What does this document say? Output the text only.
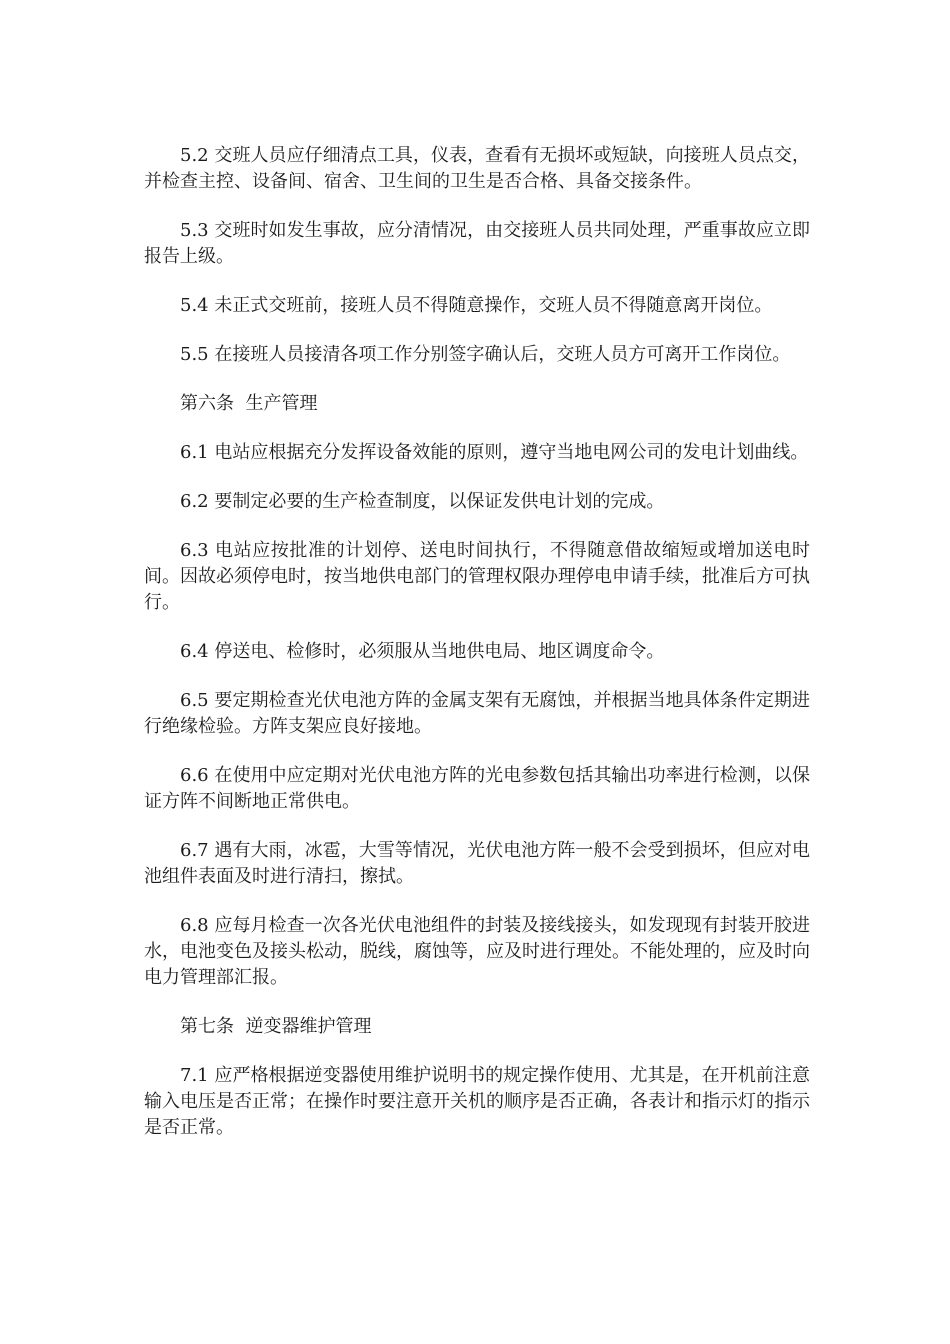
5.2 交班人员应仔细清点工具，仪表，查看有无损坏或短缺，向接班人员点交，并检查主控、设备间、宿舍、卫生间的卫生是否合格、具备交接条件。

5.3 交班时如发生事故，应分清情况，由交接班人员共同处理，严重事故应立即报告上级。

5.4 未正式交班前，接班人员不得随意操作，交班人员不得随意离开岗位。

5.5 在接班人员接清各项工作分别签字确认后，交班人员方可离开工作岗位。

第六条  生产管理

6.1 电站应根据充分发挥设备效能的原则，遵守当地电网公司的发电计划曲线。

6.2 要制定必要的生产检查制度，以保证发供电计划的完成。

6.3 电站应按批准的计划停、送电时间执行，不得随意借故缩短或增加送电时间。因故必须停电时，按当地供电部门的管理权限办理停电申请手续，批准后方可执行。

6.4 停送电、检修时，必须服从当地供电局、地区调度命令。

6.5 要定期检查光伏电池方阵的金属支架有无腐蚀，并根据当地具体条件定期进行绝缘检验。方阵支架应良好接地。

6.6 在使用中应定期对光伏电池方阵的光电参数包括其输出功率进行检测，以保证方阵不间断地正常供电。

6.7 遇有大雨，冰雹，大雪等情况，光伏电池方阵一般不会受到损坏，但应对电池组件表面及时进行清扫，擦拭。

6.8 应每月检查一次各光伏电池组件的封装及接线接头，如发现现有封装开胶进水，电池变色及接头松动，脱线，腐蚀等，应及时进行理处。不能处理的，应及时向电力管理部汇报。

第七条  逆变器维护管理

7.1 应严格根据逆变器使用维护说明书的规定操作使用、尤其是，在开机前注意输入电压是否正常；在操作时要注意开关机的顺序是否正确，各表计和指示灯的指示是否正常。
